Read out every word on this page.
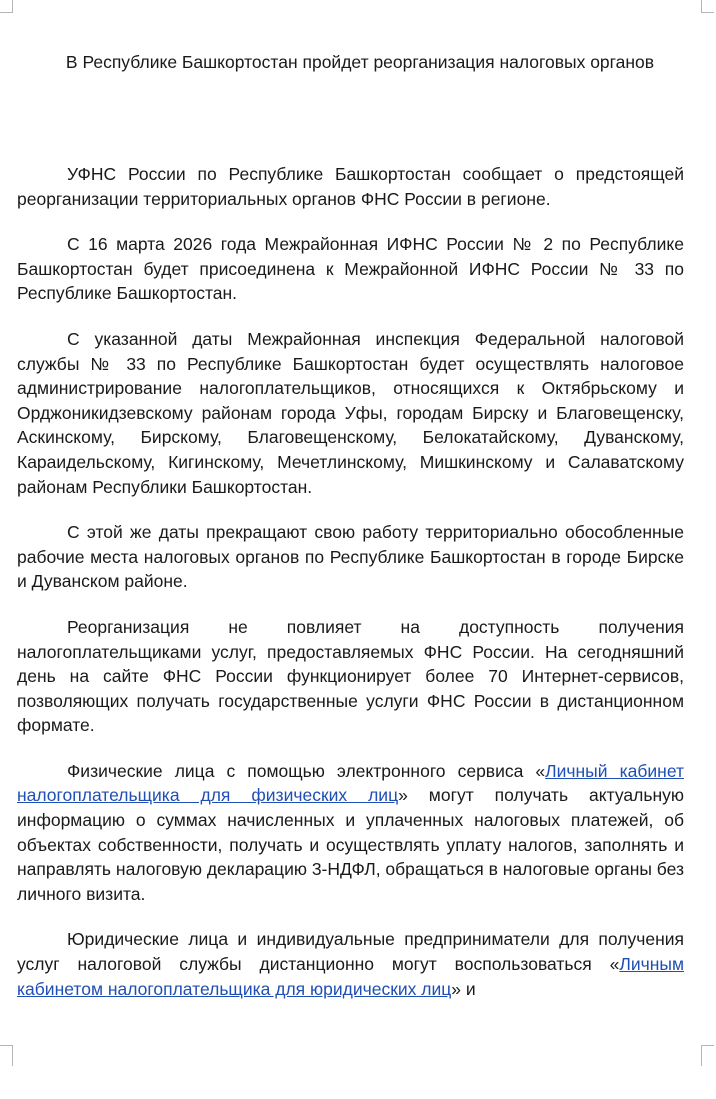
В Республике Башкортостан пройдет реорганизация налоговых органов

УФНС России по Республике Башкортостан сообщает о предстоящей реорганизации территориальных органов ФНС России в регионе.

С 16 марта 2026 года Межрайонная ИФНС России № 2 по Республике Башкортостан будет присоединена к Межрайонной ИФНС России № 33 по Республике Башкортостан.

С указанной даты Межрайонная инспекция Федеральной налоговой службы № 33 по Республике Башкортостан будет осуществлять налоговое администрирование налогоплательщиков, относящихся к Октябрьскому и Орджоникидзевскому районам города Уфы, городам Бирску и Благовещенску, Аскинскому, Бирскому, Благовещенскому, Белокатайскому, Дуванскому, Караидельскому, Кигинскому, Мечетлинскому, Мишкинскому и Салаватскому районам Республики Башкортостан.

С этой же даты прекращают свою работу территориально обособленные рабочие места налоговых органов по Республике Башкортостан в городе Бирске и Дуванском районе.

Реорганизация не повлияет на доступность получения налогоплательщиками услуг, предоставляемых ФНС России. На сегодняшний день на сайте ФНС России функционирует более 70 Интернет-сервисов, позволяющих получать государственные услуги ФНС России в дистанционном формате.

Физические лица с помощью электронного сервиса «Личный кабинет налогоплательщика для физических лиц» могут получать актуальную информацию о суммах начисленных и уплаченных налоговых платежей, об объектах собственности, получать и осуществлять уплату налогов, заполнять и направлять налоговую декларацию 3-НДФЛ, обращаться в налоговые органы без личного визита.

Юридические лица и индивидуальные предприниматели для получения услуг налоговой службы дистанционно могут воспользоваться «Личным кабинетом налогоплательщика для юридических лиц» и
